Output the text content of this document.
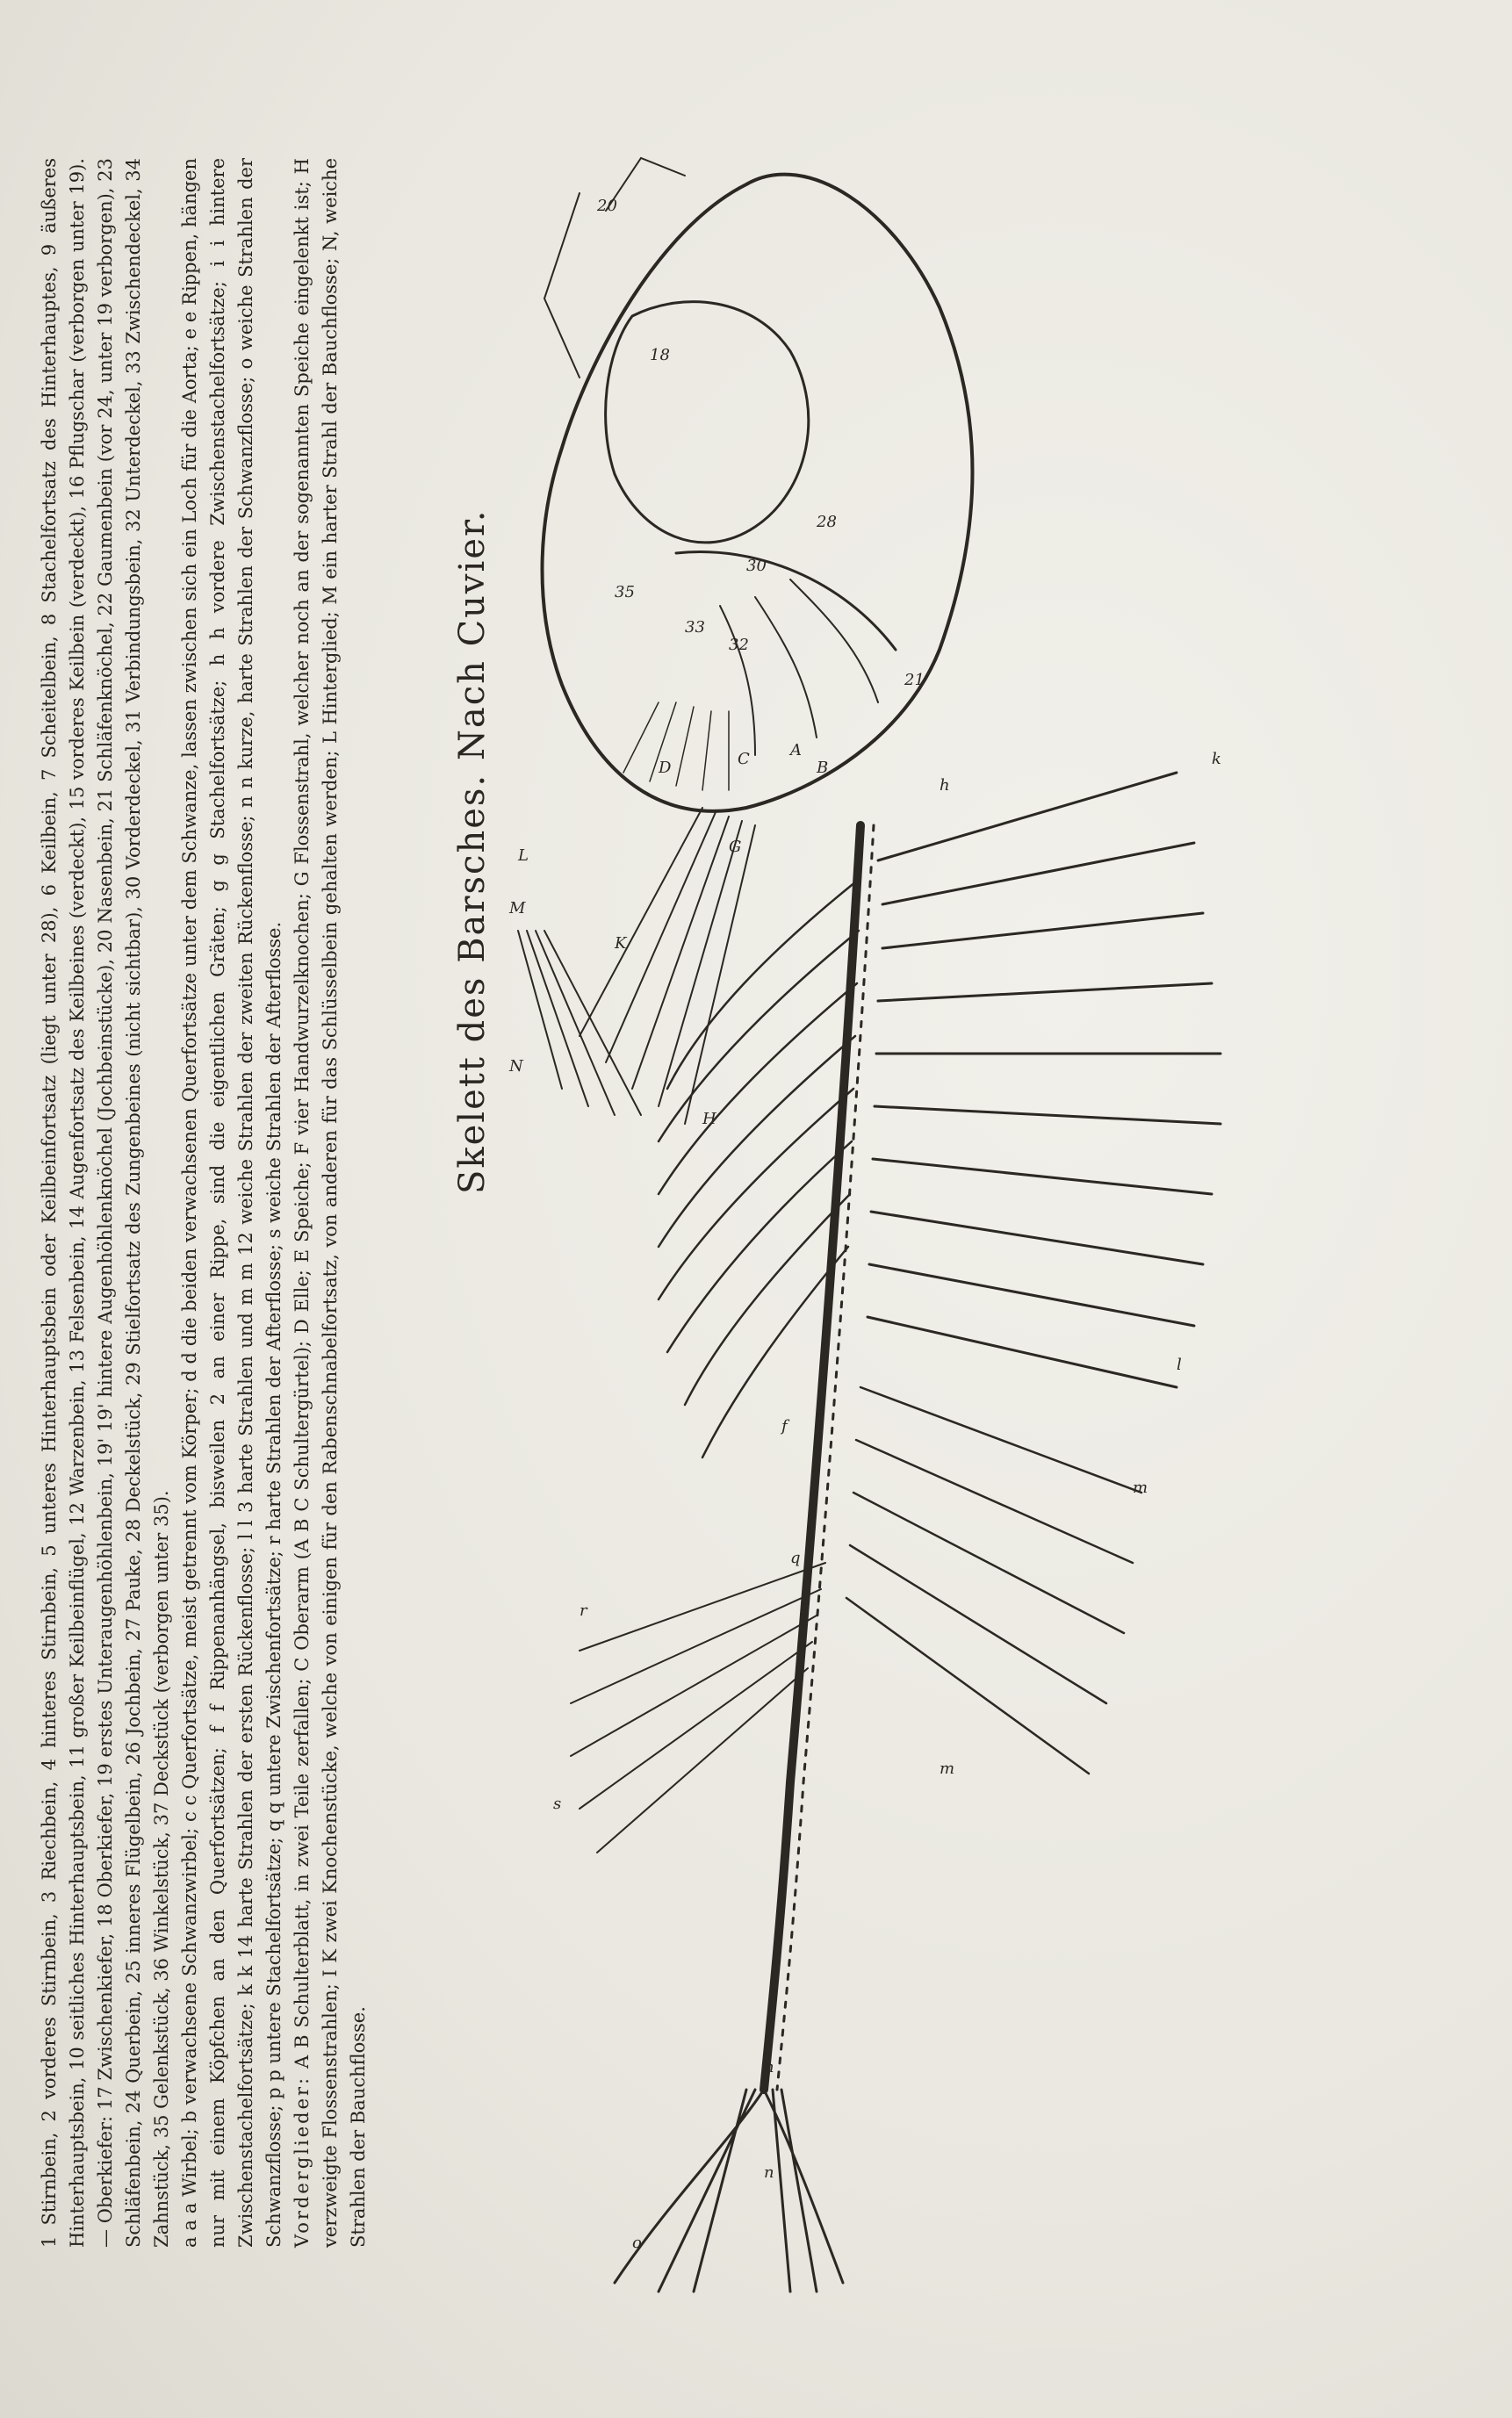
21
20
18
28
30
32
33
35
h
k
l
m
m
n
n
o
s
r
q
f
A
B
C
D
G
H
L
M
N
K
Skelett des Barsches. Nach Cuvier.

1 Stirnbein, 2 vorderes Stirnbein, 3 Riechbein, 4 hinteres Stirnbein, 5 unteres Hinterhauptsbein oder Keilbeinfortsatz (liegt unter 28), 6 Keilbein, 7 Scheitelbein, 8 Stachelfortsatz des Hinterhauptes, 9 äußeres Hinterhauptsbein, 10 seitliches Hinterhauptsbein, 11 großer Keilbeinflügel, 12 Warzenbein, 13 Felsenbein, 14 Augenfortsatz des Keilbeines (verdeckt), 15 vorderes Keilbein (verdeckt), 16 Pflugschar (verborgen unter 19). — Oberkiefer: 17 Zwischenkiefer, 18 Oberkiefer, 19 erstes Unteraugenhöhlenbein, 19' 19' hintere Augenhöhlenknöchel (Jochbeinstücke), 20 Nasenbein, 21 Schläfenknöchel, 22 Gaumenbein (vor 24, unter 19 verborgen), 23 Schläfenbein, 24 Querbein, 25 inneres Flügelbein, 26 Jochbein, 27 Pauke, 28 Deckelstück, 29 Stielfortsatz des Zungenbeines (nicht sichtbar), 30 Vorderdeckel, 31 Verbindungsbein, 32 Unterdeckel, 33 Zwischendeckel, 34 Zahnstück, 35 Gelenkstück, 36 Winkelstück, 37 Deckstück (verborgen unter 35). a a a Wirbel; b verwachsene Schwanzwirbel; c c Querfortsätze, meist getrennt vom Körper; d d die beiden verwachsenen Querfortsätze unter dem Schwanze, lassen zwischen sich ein Loch für die Aorta; e e Rippen, hängen nur mit einem Köpfchen an den Querfortsätzen; f f Rippenanhängsel, bisweilen 2 an einer Rippe, sind die eigentlichen Gräten; g g Stachelfortsätze; h h vordere Zwischenstachelfortsätze; i i hintere Zwischenstachelfortsätze; k k 14 harte Strahlen der ersten Rückenflosse; l l 3 harte Strahlen und m m 12 weiche Strahlen der zweiten Rückenflosse; n n kurze, harte Strahlen der Schwanzflosse; o weiche Strahlen der Schwanzflosse; p p untere Stachelfortsätze; q q untere Zwischenfortsätze; r harte Strahlen der Afterflosse; s weiche Strahlen der Afterflosse. Vorderglieder: A B Schulterblatt, in zwei Teile zerfallen; C Oberarm (A B C Schultergürtel); D Elle; E Speiche; F vier Handwurzelknochen; G Flossenstrahl, welcher noch an der sogenannten Speiche eingelenkt ist; H verzweigte Flossenstrahlen; I K zwei Knochenstücke, welche von einigen für den Rabenschnabelfortsatz, von anderen für das Schlüsselbein gehalten werden; L Hinterglied; M ein harter Strahl der Bauchflosse; N, weiche Strahlen der Bauchflosse.
